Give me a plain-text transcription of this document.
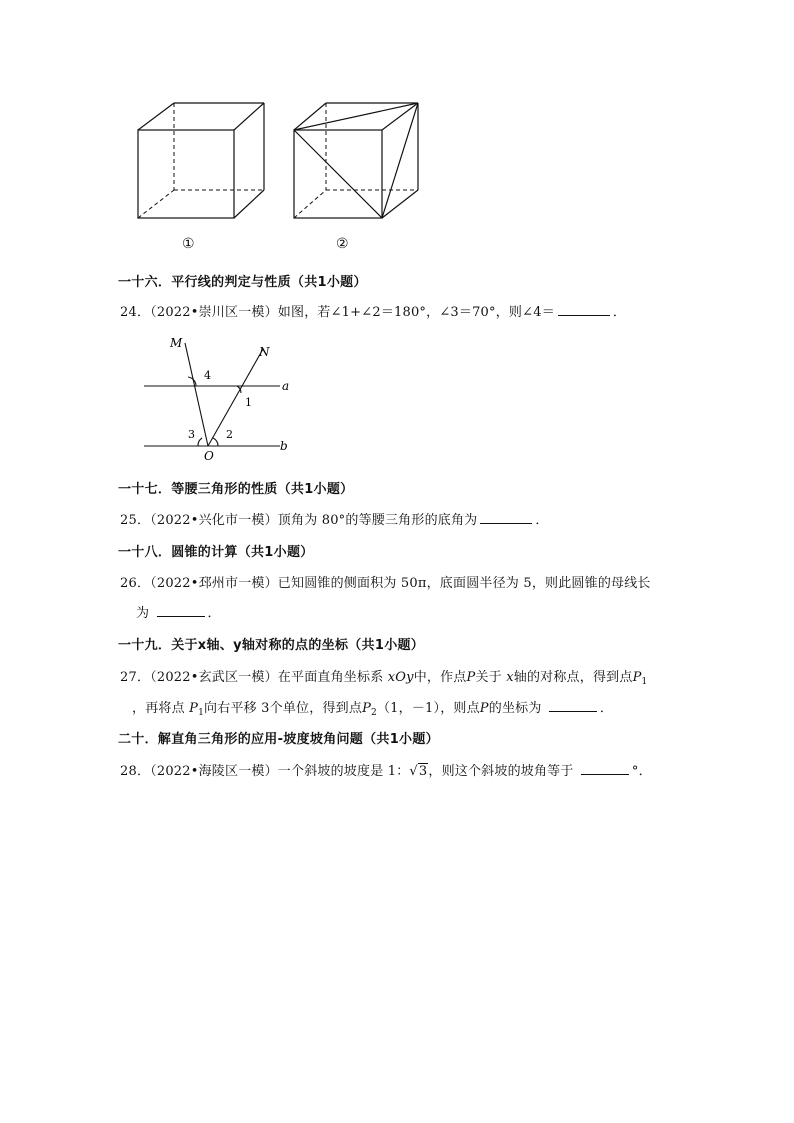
①	②
一十六．平行线的判定与性质（共1小题）
24．（2022•崇川区一模）如图，若∠1+∠2＝180°，∠3＝70°，则∠4＝	．
M
N
O
a
b
1
2
3
4
一十七．等腰三角形的性质（共1小题）
25．（2022•兴化市一模）顶角为 80°的等腰三角形的底角为	．
一十八．圆锥的计算（共1小题）
26．（2022•邳州市一模）已知圆锥的侧面积为 50π，底面圆半径为 5，则此圆锥的母线长
为	．
一十九．关于x轴、y轴对称的点的坐标（共1小题）
27．（2022•玄武区一模）在平面直角坐标系 xOy中，作点P关于 x轴的对称点，得到点$P_1$
，再将点 $P_1$向右平移 3个单位，得到点$P_2(1$，－1），则点P的坐标为	．
二十．解直角三角形的应用-坡度坡角问题（共1小题）
28．（2022•海陵区一模）一个斜坡的坡度是 1：√3，则这个斜坡的坡角等于	°．
